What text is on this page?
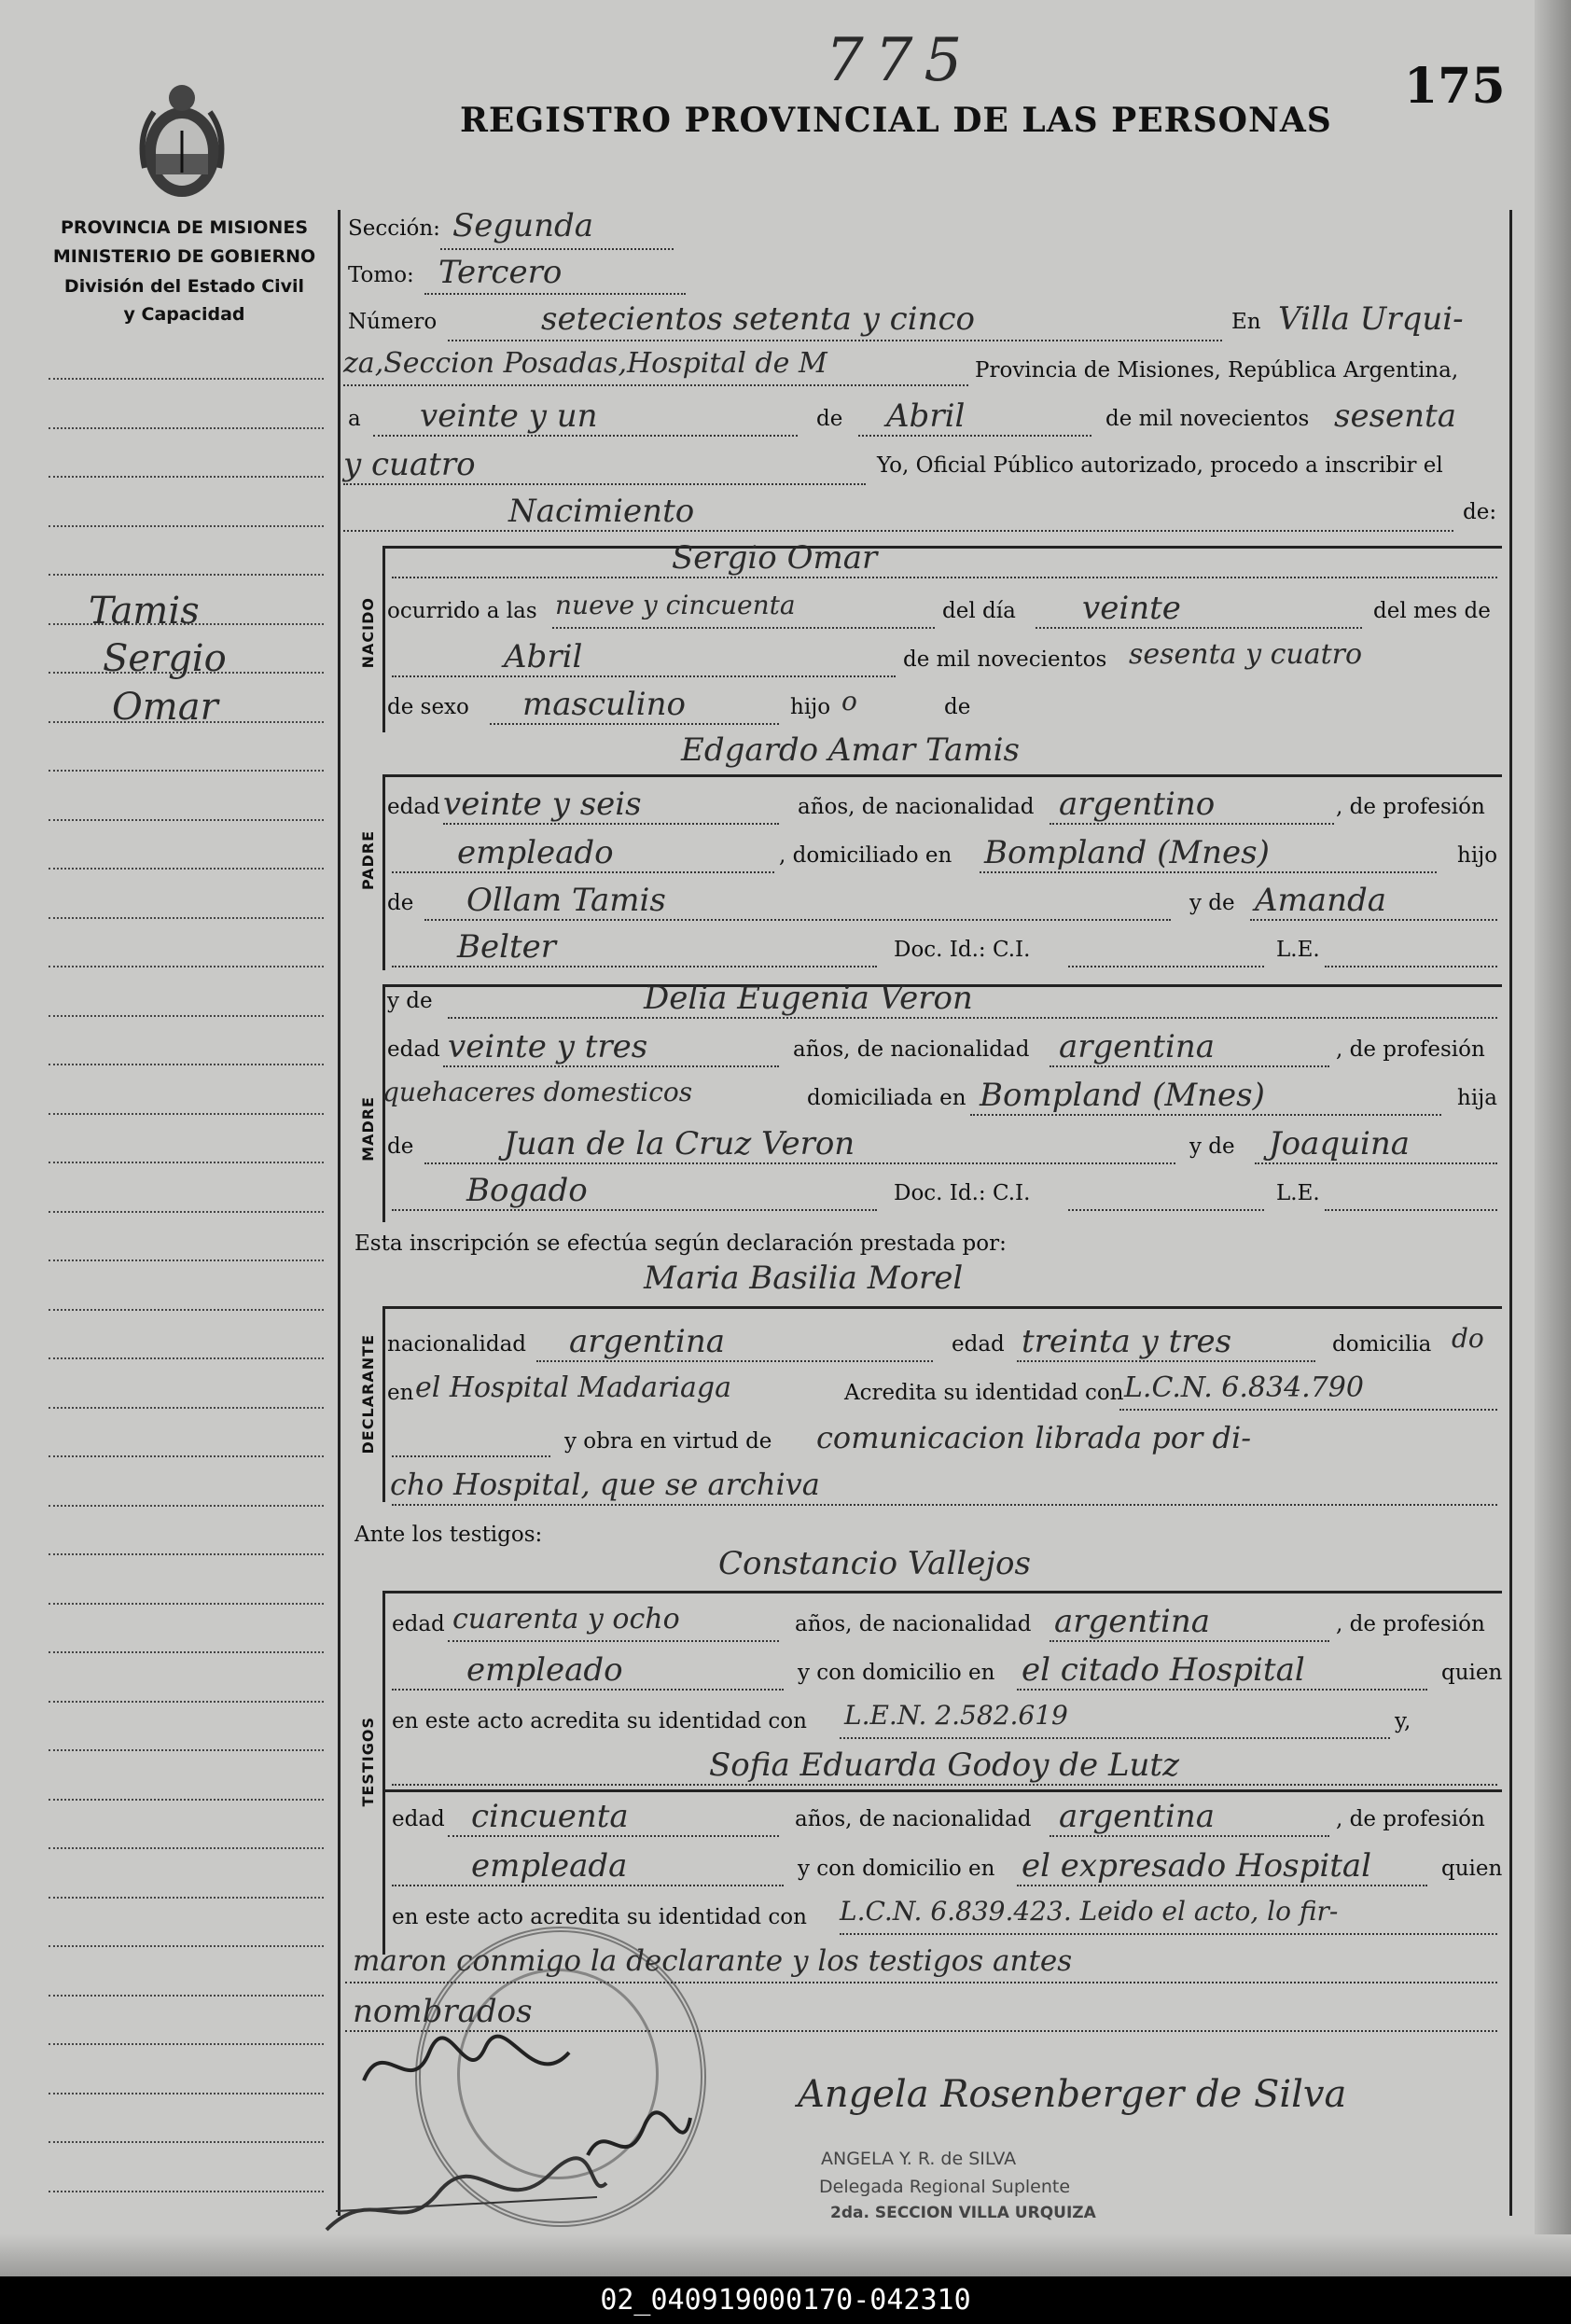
775	175
REGISTRO PROVINCIAL DE LAS PERSONAS
PROVINCIA DE MISIONES
MINISTERIO DE GOBIERNO
División del Estado Civil
y Capacidad
Tamis
Sergio
Omar
Sección: Segunda
Tomo: Tercero
Número	setecientos setenta y cinco	En Villa Urqui-
za,Seccion Posadas,Hospital de M	Provincia de Misiones, República Argentina,
a veinte y un	de Abril	de mil novecientos sesenta
y cuatro	Yo, Oficial Público autorizado, procedo a inscribir el
Nacimiento	de:
NACIDO
Sergio Omar
ocurrido a las nueve y cincuenta	del día veinte	del mes de
Abril	de mil novecientos sesenta y cuatro
de sexo masculino	hijo o	de
Edgardo Amar Tamis
PADRE
edad veinte y seis	años, de nacionalidad argentino	, de profesión
empleado	, domiciliado en Bompland (Mnes)	hijo
de Ollam Tamis	y de Amanda
Belter	Doc. Id.: C.I.	L.E.
MADRE
y de	Delia Eugenia Veron
edad veinte y tres	años, de nacionalidad argentina	, de profesión
quehaceres domesticos	domiciliada en Bompland (Mnes)	hija
de	Juan de la Cruz Veron	y de Joaquina
Bogado	Doc. Id.: C.I.	L.E.
Esta inscripción se efectúa según declaración prestada por:
Maria Basilia Morel
DECLARANTE nacionalidad argentina	edad treinta y tres	domicilia do
en el Hospital Madariaga	Acredita su identidad con L.C.N. 6.834.790
y obra en virtud de comunicacion librada por di-
cho Hospital, que se archiva
Ante los testigos:
Constancio Vallejos
TESTIGOS
edad cuarenta y ocho	años, de nacionalidad argentina	, de profesión
empleado	y con domicilio en el citado Hospital	quien
en este acto acredita su identidad con L.E.N. 2.582.619	y,
Sofia Eduarda Godoy de Lutz
edad cincuenta	años, de nacionalidad argentina	, de profesión
empleada	y con domicilio en el expresado Hospital	quien
en este acto acredita su identidad con L.C.N. 6.839.423. Leido el acto, lo fir-
maron conmigo la declarante y los testigos antes
nombrados
Angela Rosenberger de Silva
ANGELA Y. R. de SILVA
Delegada Regional Suplente
2da. SECCION VILLA URQUIZA
02_040919000170-042310
